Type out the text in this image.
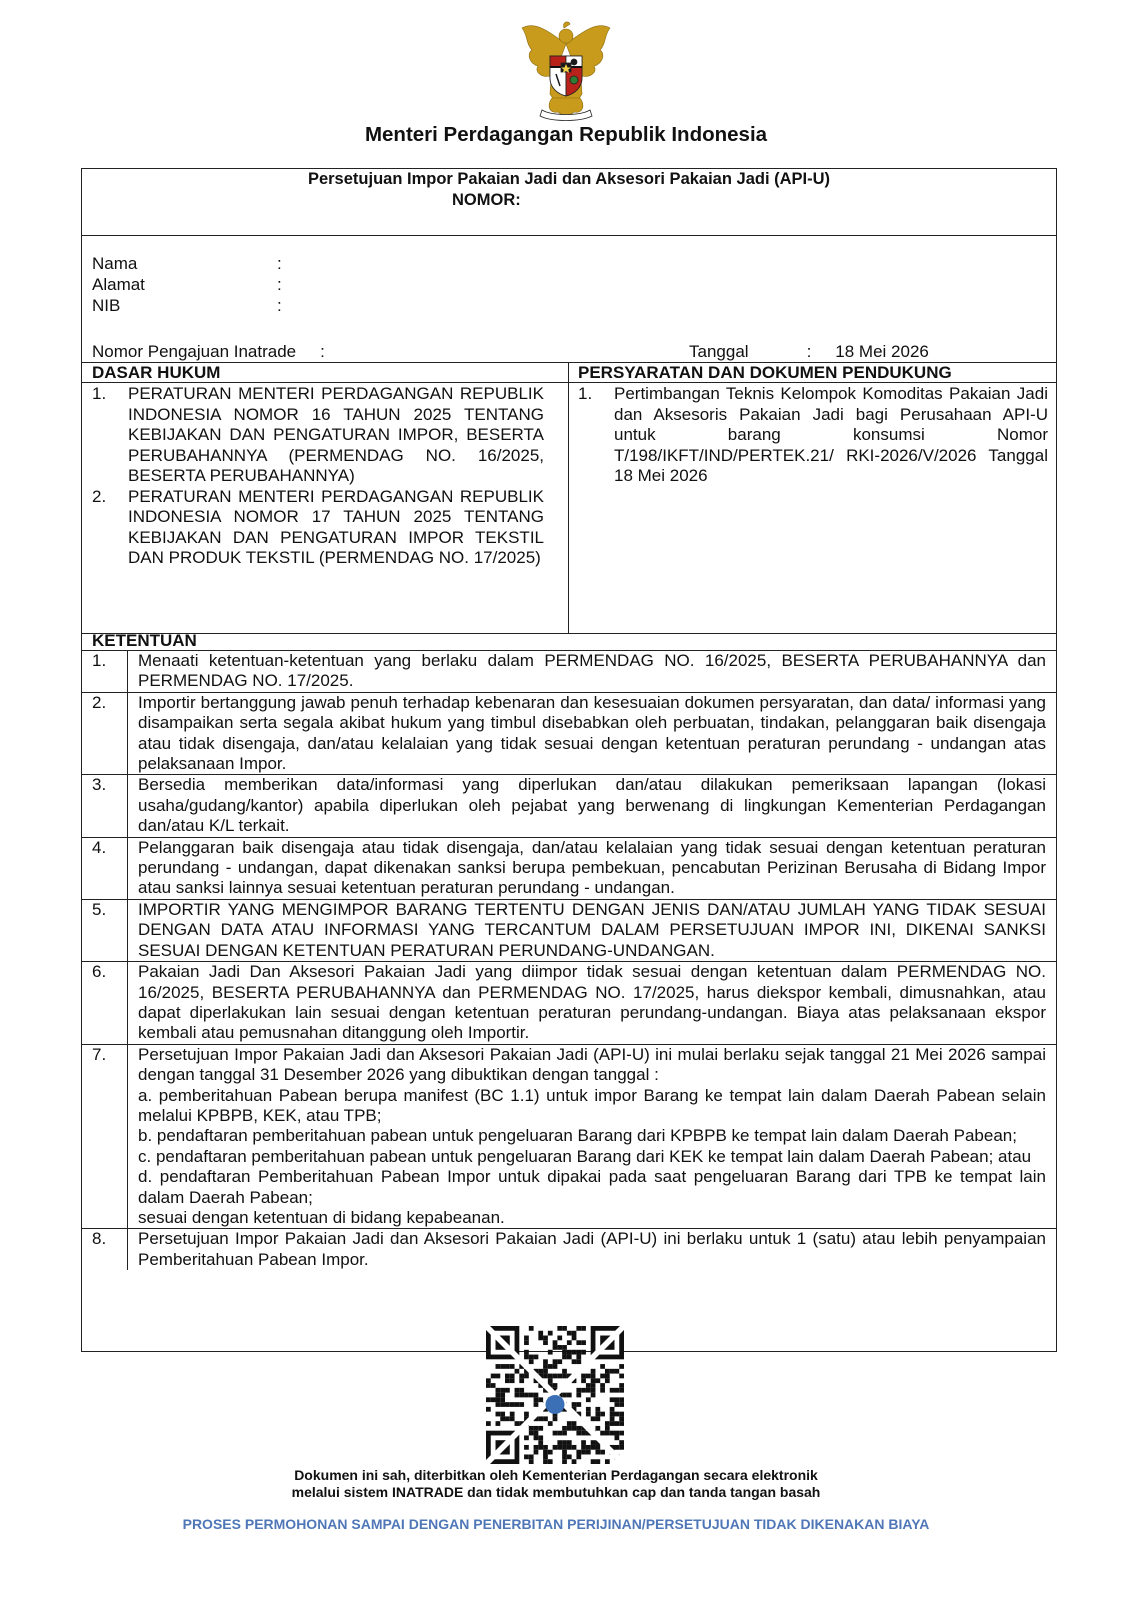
Menteri Perdagangan Republik Indonesia
Persetujuan Impor Pakaian Jadi dan Aksesori Pakaian Jadi (API-U)
NOMOR:
Nama	:
Alamat	:
NIB	:
Nomor Pengajuan Inatrade :	Tanggal	: 18 Mei 2026
DASAR HUKUM	PERSYARATAN DAN DOKUMEN PENDUKUNG
1.	PERATURAN MENTERI PERDAGANGAN REPUBLIK INDONESIA NOMOR 16 TAHUN 2025 TENTANG KEBIJAKAN DAN PENGATURAN IMPOR, BESERTA PERUBAHANNYA (PERMENDAG NO. 16/2025, BESERTA PERUBAHANNYA)
2.	PERATURAN MENTERI PERDAGANGAN REPUBLIK INDONESIA NOMOR 17 TAHUN 2025 TENTANG KEBIJAKAN DAN PENGATURAN IMPOR TEKSTIL DAN PRODUK TEKSTIL (PERMENDAG NO. 17/2025)
1.	Pertimbangan Teknis Kelompok Komoditas Pakaian Jadi dan Aksesoris Pakaian Jadi bagi Perusahaan API-U untuk barang konsumsi Nomor T/198/IKFT/IND/PERTEK.21/ RKI-2026/V/2026 Tanggal 18 Mei 2026
KETENTUAN
1.	Menaati ketentuan-ketentuan yang berlaku dalam PERMENDAG NO. 16/2025, BESERTA PERUBAHANNYA dan PERMENDAG NO. 17/2025.
2.	Importir bertanggung jawab penuh terhadap kebenaran dan kesesuaian dokumen persyaratan, dan data/ informasi yang disampaikan serta segala akibat hukum yang timbul disebabkan oleh perbuatan, tindakan, pelanggaran baik disengaja atau tidak disengaja, dan/atau kelalaian yang tidak sesuai dengan ketentuan peraturan perundang - undangan atas pelaksanaan Impor.
3.	Bersedia memberikan data/informasi yang diperlukan dan/atau dilakukan pemeriksaan lapangan (lokasi usaha/gudang/kantor) apabila diperlukan oleh pejabat yang berwenang di lingkungan Kementerian Perdagangan dan/atau K/L terkait.
4.	Pelanggaran baik disengaja atau tidak disengaja, dan/atau kelalaian yang tidak sesuai dengan ketentuan peraturan perundang - undangan, dapat dikenakan sanksi berupa pembekuan, pencabutan Perizinan Berusaha di Bidang Impor atau sanksi lainnya sesuai ketentuan peraturan perundang - undangan.
5.	IMPORTIR YANG MENGIMPOR BARANG TERTENTU DENGAN JENIS DAN/ATAU JUMLAH YANG TIDAK SESUAI DENGAN DATA ATAU INFORMASI YANG TERCANTUM DALAM PERSETUJUAN IMPOR INI, DIKENAI SANKSI SESUAI DENGAN KETENTUAN PERATURAN PERUNDANG-UNDANGAN.
6.	Pakaian Jadi Dan Aksesori Pakaian Jadi yang diimpor tidak sesuai dengan ketentuan dalam PERMENDAG NO. 16/2025, BESERTA PERUBAHANNYA dan PERMENDAG NO. 17/2025, harus diekspor kembali, dimusnahkan, atau dapat diperlakukan lain sesuai dengan ketentuan peraturan perundang-undangan. Biaya atas pelaksanaan ekspor kembali atau pemusnahan ditanggung oleh Importir.
7.	Persetujuan Impor Pakaian Jadi dan Aksesori Pakaian Jadi (API-U) ini mulai berlaku sejak tanggal 21 Mei 2026 sampai dengan tanggal 31 Desember 2026 yang dibuktikan dengan tanggal :
a. pemberitahuan Pabean berupa manifest (BC 1.1) untuk impor Barang ke tempat lain dalam Daerah Pabean selain melalui KPBPB, KEK, atau TPB;
b. pendaftaran pemberitahuan pabean untuk pengeluaran Barang dari KPBPB ke tempat lain dalam Daerah Pabean;
c. pendaftaran pemberitahuan pabean untuk pengeluaran Barang dari KEK ke tempat lain dalam Daerah Pabean; atau
d. pendaftaran Pemberitahuan Pabean Impor untuk dipakai pada saat pengeluaran Barang dari TPB ke tempat lain dalam Daerah Pabean;
sesuai dengan ketentuan di bidang kepabeanan.
8.	Persetujuan Impor Pakaian Jadi dan Aksesori Pakaian Jadi (API-U) ini berlaku untuk 1 (satu) atau lebih penyampaian Pemberitahuan Pabean Impor.
Dokumen ini sah, diterbitkan oleh Kementerian Perdagangan secara elektronik
melalui sistem INATRADE dan tidak membutuhkan cap dan tanda tangan basah
PROSES PERMOHONAN SAMPAI DENGAN PENERBITAN PERIJINAN/PERSETUJUAN TIDAK DIKENAKAN BIAYA
